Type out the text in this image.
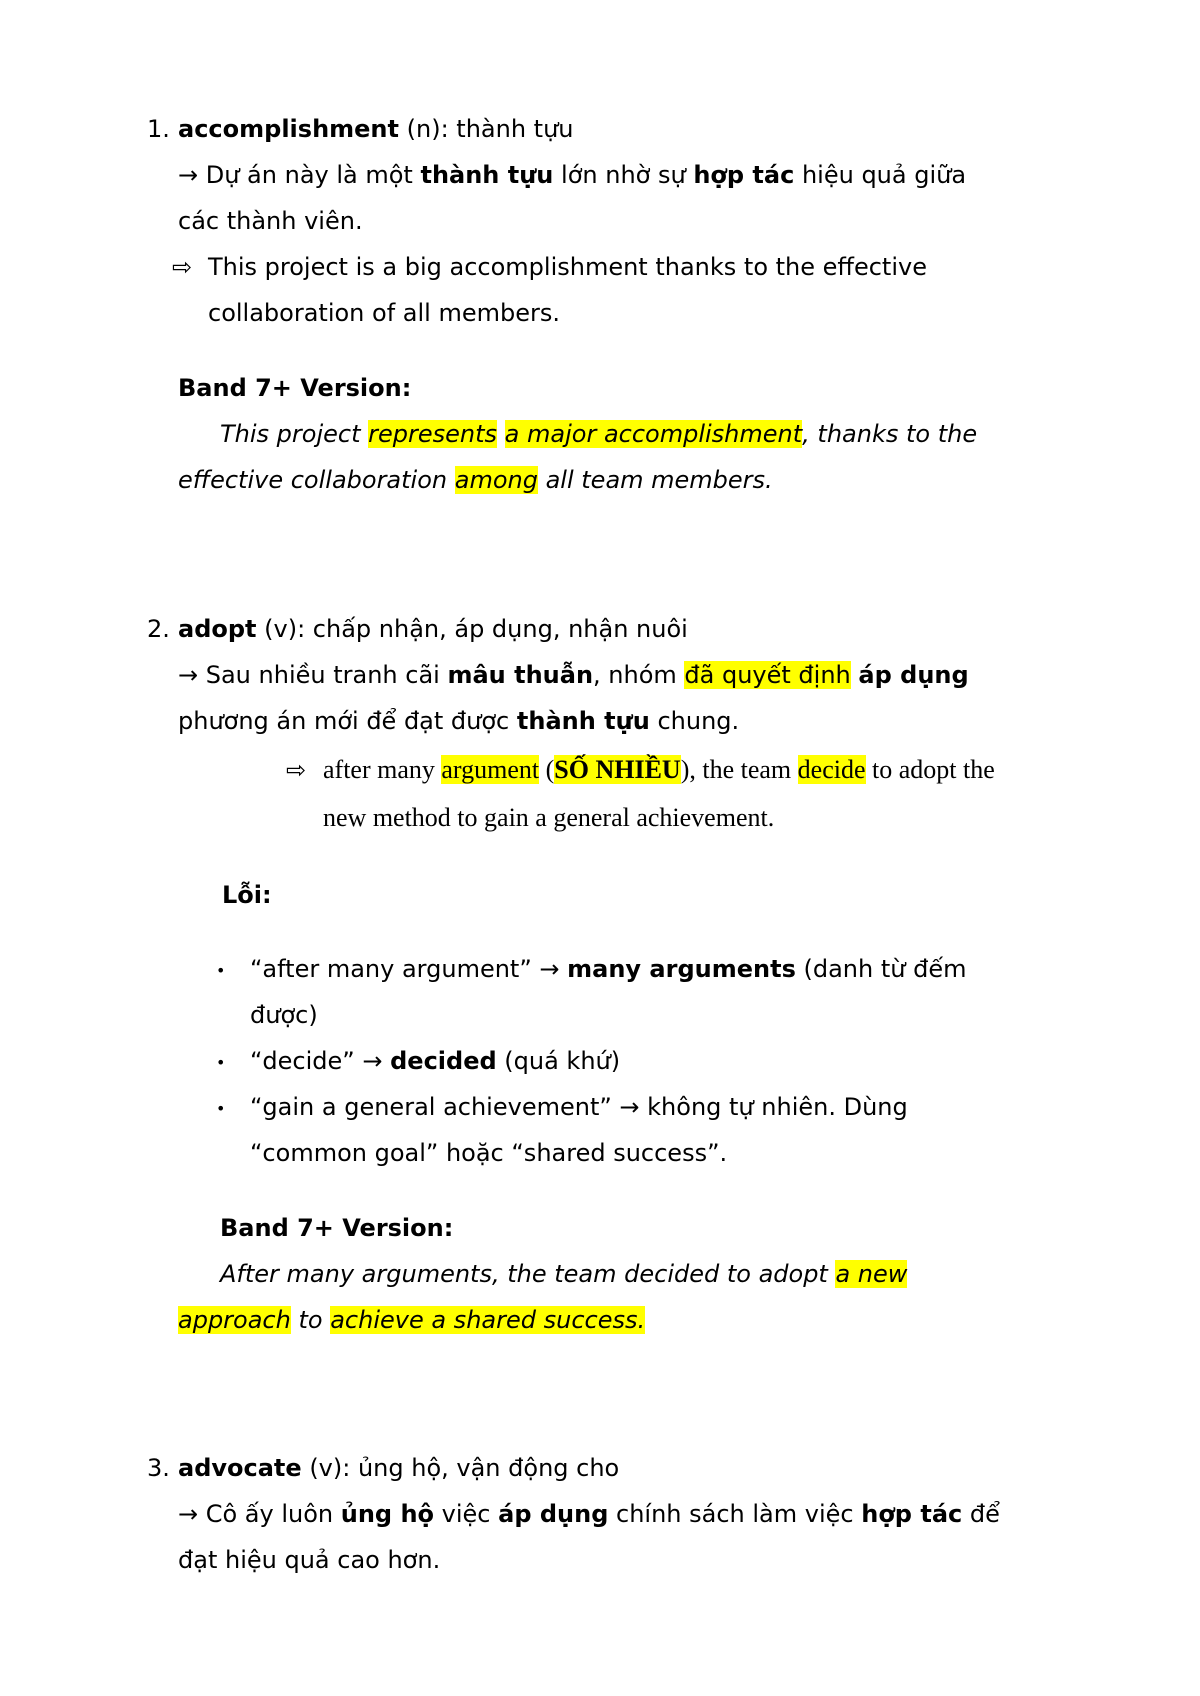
1. accomplishment (n): thành tựu
→ Dự án này là một thành tựu lớn nhờ sự hợp tác hiệu quả giữa
các thành viên.
⇨ This project is a big accomplishment thanks to the effective
collaboration of all members.
Band 7+ Version:
This project represents a major accomplishment, thanks to the
effective collaboration among all team members.
2. adopt (v): chấp nhận, áp dụng, nhận nuôi
→ Sau nhiều tranh cãi mâu thuẫn, nhóm đã quyết định áp dụng
phương án mới để đạt được thành tựu chung.
⇨ after many argument (SỐ NHIỀU), the team decide to adopt the
new method to gain a general achievement.
Lỗi:
• “after many argument” → many arguments (danh từ đếm
được)
• “decide” → decided (quá khứ)
• “gain a general achievement” → không tự nhiên. Dùng
“common goal” hoặc “shared success”.
Band 7+ Version:
After many arguments, the team decided to adopt a new
approach to achieve a shared success.
3. advocate (v): ủng hộ, vận động cho
→ Cô ấy luôn ủng hộ việc áp dụng chính sách làm việc hợp tác để
đạt hiệu quả cao hơn.
